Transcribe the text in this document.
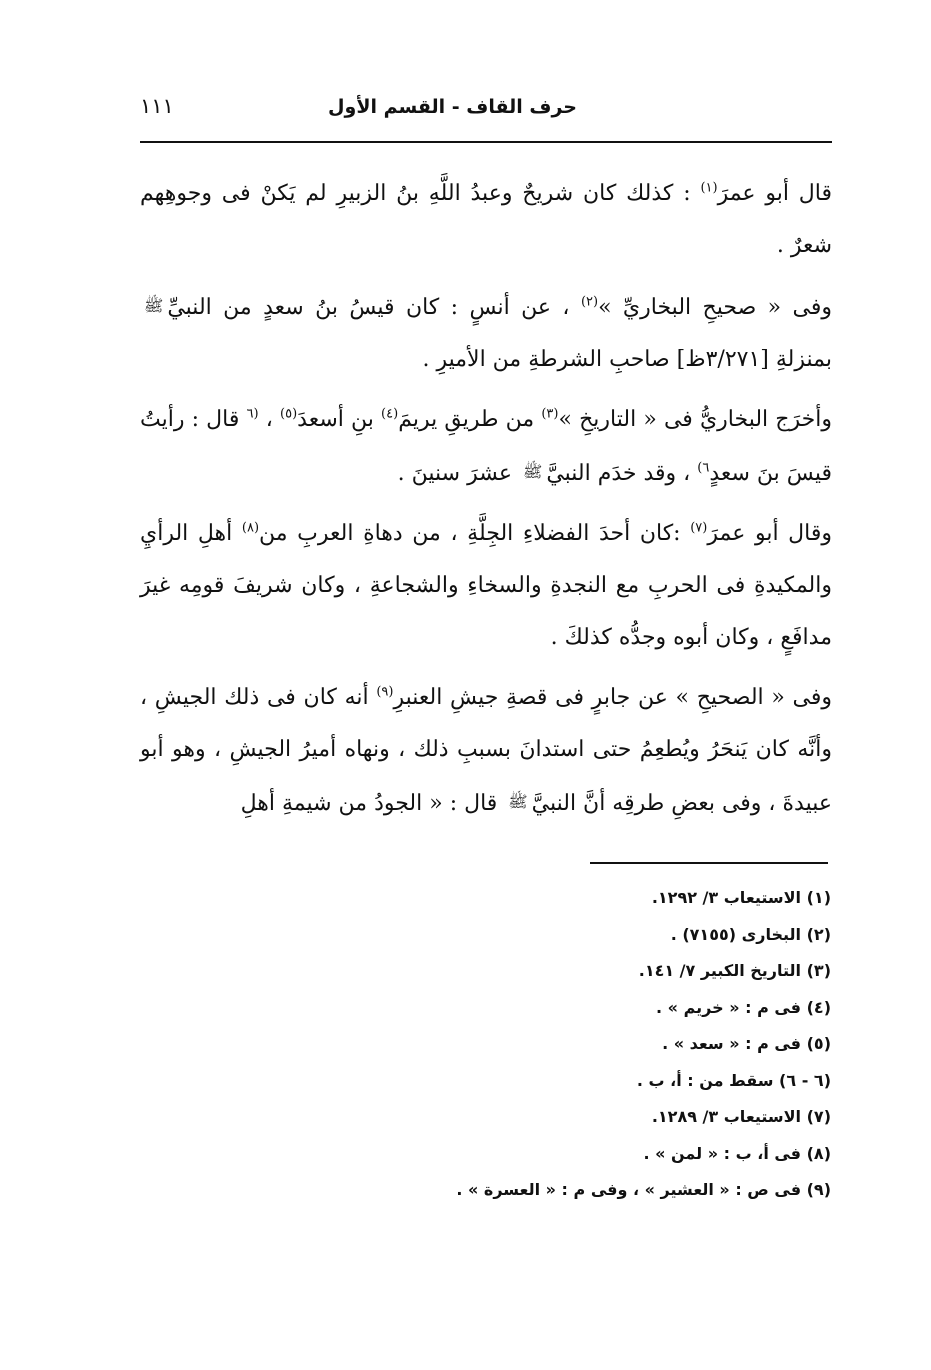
حرف القاف - القسم الأول
١١١

قال أبو عمرَ$^{(١)}$ : كذلك كان شريحٌ وعبدُ اللَّهِ بنُ الزبيرِ لم يَكنْ فى وجوهِهم شعرٌ .

وفى « صحيحِ البخاريِّ »$^{(٢)}$ ، عن أنسٍ : كان قيسُ بنُ سعدٍ من النبيِّﷺ بمنزلةِ [٣/٢٧١ظ] صاحبِ الشرطةِ من الأميرِ .

وأخرَج البخاريُّ فى « التاريخِ »$^{(٣)}$ من طريقِ يريمَ$^{(٤)}$ بنِ أسعدَ$^{(٥)}$ ، $^{(٦}$ قال : رأيتُ قيسَ بنَ سعدٍ$^{٦)}$ ، وقد خدَم النبيَّﷺ عشرَ سنينَ .

وقال أبو عمرَ$^{(٧)}$ :كان أحدَ الفضلاءِ الجِلَّةِ ، من دهاةِ العربِ من$^{(٨)}$ أهلِ الرأيِ والمكيدةِ فى الحربِ مع النجدةِ والسخاءِ والشجاعةِ ، وكان شريفَ قومِه غيرَ مدافَعٍ ، وكان أبوه وجدُّه كذلكَ .

وفى « الصحيحِ » عن جابرٍ فى قصةِ جيشِ العنبرِ$^{(٩)}$ أنه كان فى ذلك الجيشِ ، وأنَّه كان يَنحَرُ ويُطعِمُ حتى استدانَ بسببِ ذلك ، ونهاه أميرُ الجيشِ ، وهو أبو عبيدةَ ، وفى بعضِ طرقِه أنَّ النبيَّﷺ قال : « الجودُ من شيمةِ أهلِ

(١) الاستيعاب ٣/ ١٢٩٢.
(٢) البخارى (٧١٥٥) .
(٣) التاريخ الكبير ٧/ ١٤١.
(٤) فى م : « خريم » .
(٥) فى م : « سعد » .
(٦ - ٦) سقط من : أ، ب .
(٧) الاستيعاب ٣/ ١٢٨٩.
(٨) فى أ، ب : « لمن » .
(٩) فى ص : « العشير » ، وفى م : « العسرة » .
